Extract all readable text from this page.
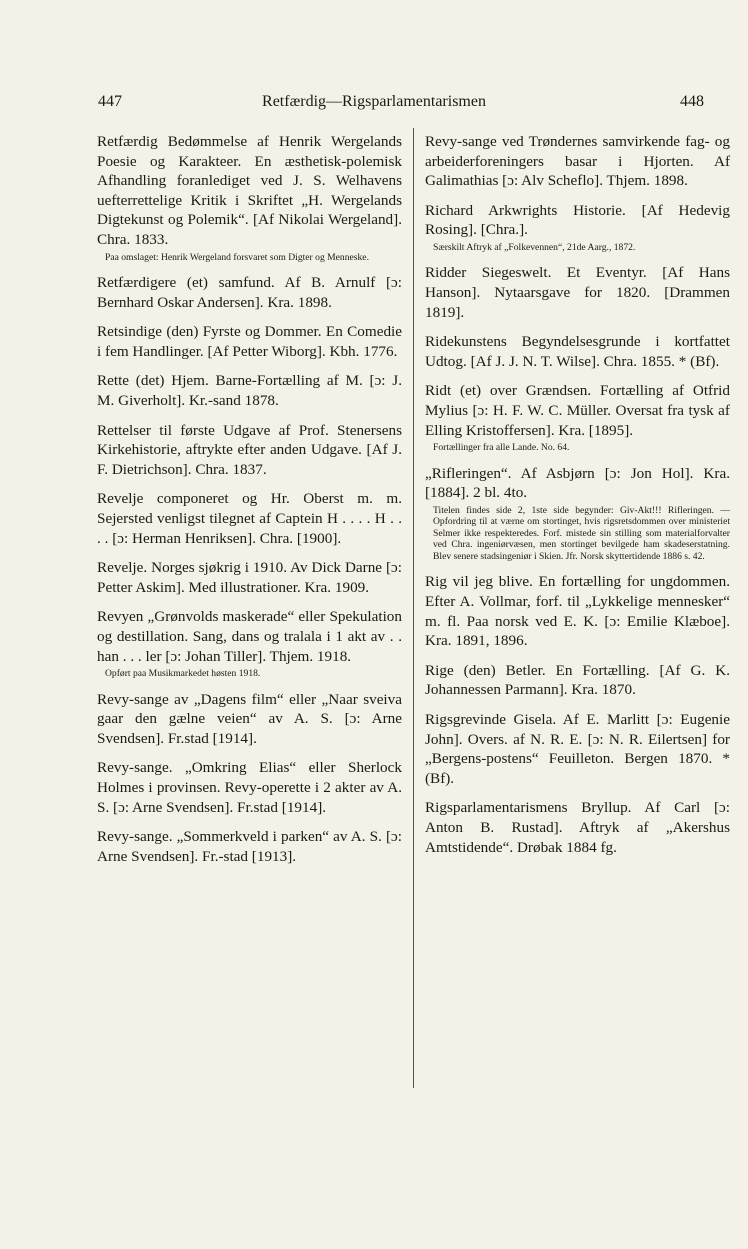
447	Retfærdig—Rigsparlamentarismen	448
Retfærdig Bedømmelse af Henrik Wergelands Poesie og Karakteer. En æsthetisk-polemisk Afhandling foranlediget ved J. S. Welhavens uefterrettelige Kritik i Skriftet „H. Wergelands Digtekunst og Polemik“. [Af Nikolai Wergeland]. Chra. 1833.
Paa omslaget: Henrik Wergeland forsvaret som Digter og Menneske.
Retfærdigere (et) samfund. Af B. Arnulf [ɔ: Bernhard Oskar Andersen]. Kra. 1898.
Retsindige (den) Fyrste og Dommer. En Comedie i fem Handlinger. [Af Petter Wiborg]. Kbh. 1776.
Rette (det) Hjem. Barne-Fortælling af M. [ɔ: J. M. Giverholt]. Kr.-sand 1878.
Rettelser til første Udgave af Prof. Stenersens Kirkehistorie, aftrykte efter anden Udgave. [Af J. F. Dietrichson]. Chra. 1837.
Revelje componeret og Hr. Oberst m. m. Sejersted venligst tilegnet af Captein H . . . . H . . . . [ɔ: Herman Henriksen]. Chra. [1900].
Revelje. Norges sjøkrig i 1910. Av Dick Darne [ɔ: Petter Askim]. Med illustrationer. Kra. 1909.
Revyen „Grønvolds maskerade“ eller Spekulation og destillation. Sang, dans og tralala i 1 akt av . . han . . . ler [ɔ: Johan Tiller]. Thjem. 1918.
Opført paa Musikmarkedet høsten 1918.
Revy-sange av „Dagens film“ eller „Naar sveiva gaar den gælne veien“ av A. S. [ɔ: Arne Svendsen]. Fr.stad [1914].
Revy-sange. „Omkring Elias“ eller Sherlock Holmes i provinsen. Revy-operette i 2 akter av A. S. [ɔ: Arne Svendsen]. Fr.stad [1914].
Revy-sange. „Sommerkveld i parken“ av A. S. [ɔ: Arne Svendsen]. Fr.-stad [1913].
Revy-sange ved Trøndernes samvirkende fag- og arbeiderforeningers basar i Hjorten. Af Galimathias [ɔ: Alv Scheflo]. Thjem. 1898.
Richard Arkwrights Historie. [Af Hedevig Rosing]. [Chra.].
Særskilt Aftryk af „Folkevennen“, 21de Aarg., 1872.
Ridder Siegeswelt. Et Eventyr. [Af Hans Hanson]. Nytaarsgave for 1820. [Drammen 1819].
Ridekunstens Begyndelsesgrunde i kortfattet Udtog. [Af J. J. N. T. Wilse]. Chra. 1855. * (Bf).
Ridt (et) over Grændsen. Fortælling af Otfrid Mylius [ɔ: H. F. W. C. Müller. Oversat fra tysk af Elling Kristoffersen]. Kra. [1895].
Fortællinger fra alle Lande. No. 64.
„Rifleringen“. Af Asbjørn [ɔ: Jon Hol]. Kra. [1884]. 2 bl. 4to.
Titelen findes side 2, 1ste side begynder: Giv-Akt!!! Rifleringen. — Opfordring til at værne om stortinget, hvis rigsretsdommen over ministeriet Selmer ikke respekteredes. Forf. mistede sin stilling som materialforvalter ved Chra. ingeniørvæsen, men stortinget bevilgede ham skadeserstatning. Blev senere stadsingeniør i Skien. Jfr. Norsk skyttertidende 1886 s. 42.
Rig vil jeg blive. En fortælling for ungdommen. Efter A. Vollmar, forf. til „Lykkelige mennesker“ m. fl. Paa norsk ved E. K. [ɔ: Emilie Klæboe]. Kra. 1891, 1896.
Rige (den) Betler. En Fortælling. [Af G. K. Johannessen Parmann]. Kra. 1870.
Rigsgrevinde Gisela. Af E. Marlitt [ɔ: Eugenie John]. Overs. af N. R. E. [ɔ: N. R. Eilertsen] for „Bergens-postens“ Feuilleton. Bergen 1870. * (Bf).
Rigsparlamentarismens Bryllup. Af Carl [ɔ: Anton B. Rustad]. Aftryk af „Akershus Amtstidende“. Drøbak 1884 fg.
